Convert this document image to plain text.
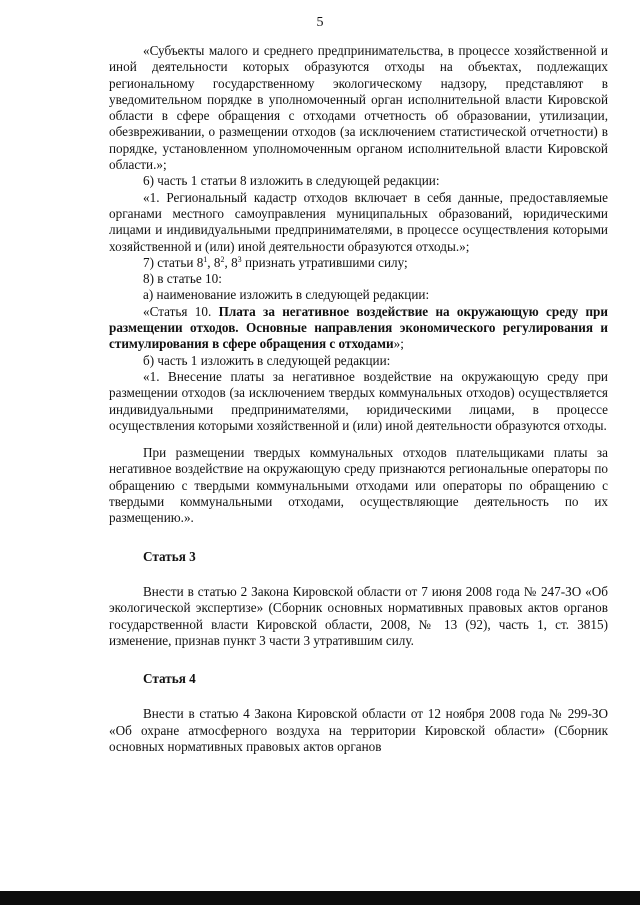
5

«Субъекты малого и среднего предпринимательства, в процессе хозяйственной и иной деятельности которых образуются отходы на объектах, подлежащих региональному государственному экологическому надзору, представляют в уведомительном порядке в уполномоченный орган исполнительной власти Кировской области в сфере обращения с отходами отчетность об образовании, утилизации, обезвреживании, о размещении отходов (за исключением статистической отчетности) в порядке, установленном уполномоченным органом исполнительной власти Кировской области.»;

6) часть 1 статьи 8 изложить в следующей редакции:

«1. Региональный кадастр отходов включает в себя данные, предоставляемые органами местного самоуправления муниципальных образований, юридическими лицами и индивидуальными предпринимателями, в процессе осуществления которыми хозяйственной и (или) иной деятельности образуются отходы.»;

7) статьи $8^1$, $8^2$, $8^3$ признать утратившими силу;

8) в статье 10:

а) наименование изложить в следующей редакции:

«Статья 10. Плата за негативное воздействие на окружающую среду при размещении отходов. Основные направления экономического регулирования и стимулирования в сфере обращения с отходами»;

б) часть 1 изложить в следующей редакции:

«1. Внесение платы за негативное воздействие на окружающую среду при размещении отходов (за исключением твердых коммунальных отходов) осуществляется индивидуальными предпринимателями, юридическими лицами, в процессе осуществления которыми хозяйственной и (или) иной деятельности образуются отходы.

При размещении твердых коммунальных отходов плательщиками платы за негативное воздействие на окружающую среду признаются региональные операторы по обращению с твердыми коммунальными отходами или операторы по обращению с твердыми коммунальными отходами, осуществляющие деятельность по их размещению.».

Статья 3

Внести в статью 2 Закона Кировской области от 7 июня 2008 года № 247-ЗО «Об экологической экспертизе» (Сборник основных нормативных правовых актов органов государственной власти Кировской области, 2008, № 13 (92), часть 1, ст. 3815) изменение, признав пункт 3 части 3 утратившим силу.

Статья 4

Внести в статью 4 Закона Кировской области от 12 ноября 2008 года № 299-ЗО «Об охране атмосферного воздуха на территории Кировской области» (Сборник основных нормативных правовых актов органов
